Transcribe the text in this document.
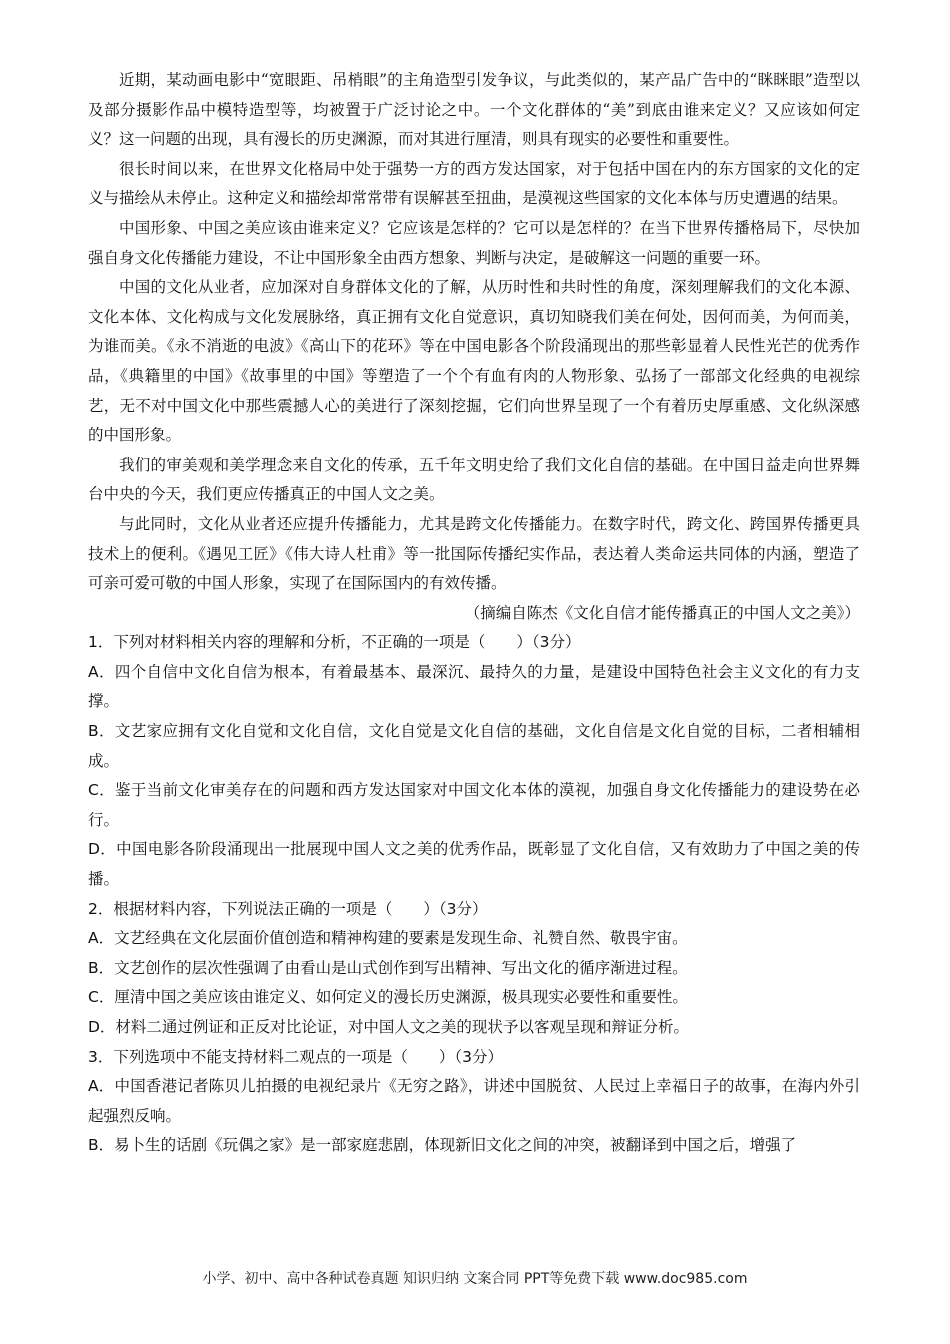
近期，某动画电影中“宽眼距、吊梢眼”的主角造型引发争议，与此类似的，某产品广告中的“眯眯眼”造型以及部分摄影作品中模特造型等，均被置于广泛讨论之中。一个文化群体的“美”到底由谁来定义？又应该如何定义？这一问题的出现，具有漫长的历史渊源，而对其进行厘清，则具有现实的必要性和重要性。

很长时间以来，在世界文化格局中处于强势一方的西方发达国家，对于包括中国在内的东方国家的文化的定义与描绘从未停止。这种定义和描绘却常常带有误解甚至扭曲，是漠视这些国家的文化本体与历史遭遇的结果。

中国形象、中国之美应该由谁来定义？它应该是怎样的？它可以是怎样的？在当下世界传播格局下，尽快加强自身文化传播能力建设，不让中国形象全由西方想象、判断与决定，是破解这一问题的重要一环。

中国的文化从业者，应加深对自身群体文化的了解，从历时性和共时性的角度，深刻理解我们的文化本源、文化本体、文化构成与文化发展脉络，真正拥有文化自觉意识，真切知晓我们美在何处，因何而美，为何而美，为谁而美。《永不消逝的电波》《高山下的花环》等在中国电影各个阶段涌现出的那些彰显着人民性光芒的优秀作品，《典籍里的中国》《故事里的中国》等塑造了一个个有血有肉的人物形象、弘扬了一部部文化经典的电视综艺，无不对中国文化中那些震撼人心的美进行了深刻挖掘，它们向世界呈现了一个有着历史厚重感、文化纵深感的中国形象。

我们的审美观和美学理念来自文化的传承，五千年文明史给了我们文化自信的基础。在中国日益走向世界舞台中央的今天，我们更应传播真正的中国人文之美。

与此同时，文化从业者还应提升传播能力，尤其是跨文化传播能力。在数字时代，跨文化、跨国界传播更具技术上的便利。《遇见工匠》《伟大诗人杜甫》等一批国际传播纪实作品，表达着人类命运共同体的内涵，塑造了可亲可爱可敬的中国人形象，实现了在国际国内的有效传播。

（摘编自陈杰《文化自信才能传播真正的中国人文之美》）

1．下列对材料相关内容的理解和分析，不正确的一项是（　　）（3分）

A．四个自信中文化自信为根本，有着最基本、最深沉、最持久的力量，是建设中国特色社会主义文化的有力支撑。

B．文艺家应拥有文化自觉和文化自信，文化自觉是文化自信的基础，文化自信是文化自觉的目标，二者相辅相成。

C．鉴于当前文化审美存在的问题和西方发达国家对中国文化本体的漠视，加强自身文化传播能力的建设势在必行。

D．中国电影各阶段涌现出一批展现中国人文之美的优秀作品，既彰显了文化自信，又有效助力了中国之美的传播。

2．根据材料内容，下列说法正确的一项是（　　）（3分）

A．文艺经典在文化层面价值创造和精神构建的要素是发现生命、礼赞自然、敬畏宇宙。

B．文艺创作的层次性强调了由看山是山式创作到写出精神、写出文化的循序渐进过程。

C．厘清中国之美应该由谁定义、如何定义的漫长历史渊源，极具现实必要性和重要性。

D．材料二通过例证和正反对比论证，对中国人文之美的现状予以客观呈现和辩证分析。

3．下列选项中不能支持材料二观点的一项是（　　）（3分）

A．中国香港记者陈贝儿拍摄的电视纪录片《无穷之路》，讲述中国脱贫、人民过上幸福日子的故事，在海内外引起强烈反响。

B．易卜生的话剧《玩偶之家》是一部家庭悲剧，体现新旧文化之间的冲突，被翻译到中国之后，增强了

小学、初中、高中各种试卷真题 知识归纳 文案合同 PPT等免费下载 www.doc985.com
